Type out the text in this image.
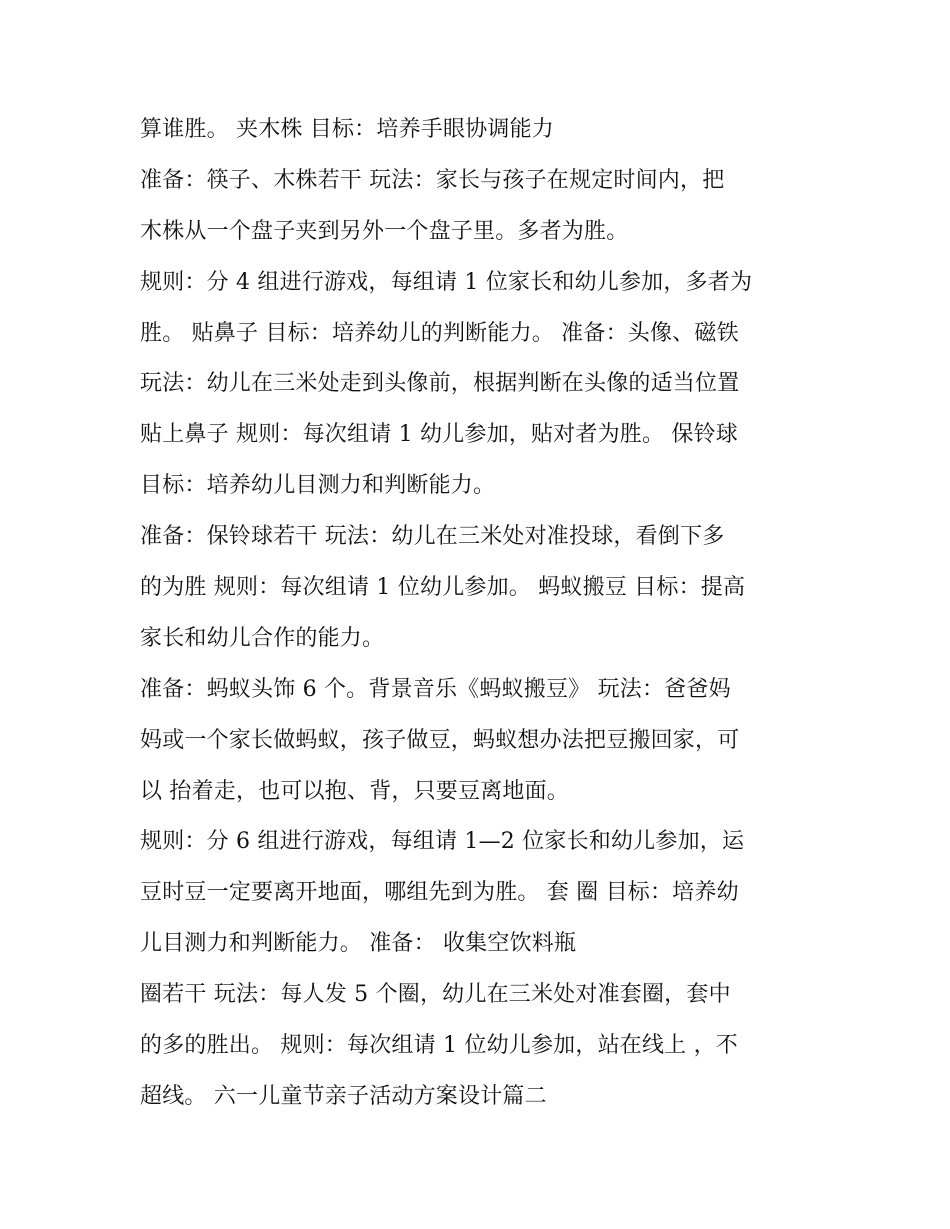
算谁胜。 夹木株 目标：培养手眼协调能力
准备：筷子、木株若干 玩法：家长与孩子在规定时间内，把
木株从一个盘子夹到另外一个盘子里。多者为胜。
规则：分 4 组进行游戏，每组请 1 位家长和幼儿参加，多者为
胜。 贴鼻子 目标：培养幼儿的判断能力。 准备：头像、磁铁
玩法：幼儿在三米处走到头像前，根据判断在头像的适当位置
贴上鼻子 规则：每次组请 1 幼儿参加，贴对者为胜。 保铃球
目标：培养幼儿目测力和判断能力。
准备：保铃球若干 玩法：幼儿在三米处对准投球，看倒下多
的为胜 规则：每次组请 1 位幼儿参加。 蚂蚁搬豆 目标：提高
家长和幼儿合作的能力。
准备：蚂蚁头饰 6 个。背景音乐《蚂蚁搬豆》 玩法：爸爸妈
妈或一个家长做蚂蚁，孩子做豆，蚂蚁想办法把豆搬回家，可
以 抬着走，也可以抱、背，只要豆离地面。
规则：分 6 组进行游戏，每组请 1—2 位家长和幼儿参加，运
豆时豆一定要离开地面，哪组先到为胜。 套 圈 目标：培养幼
儿目测力和判断能力。 准备： 收集空饮料瓶
圈若干 玩法：每人发 5 个圈，幼儿在三米处对准套圈，套中
的多的胜出。 规则：每次组请 1 位幼儿参加，站在线上 ，不
超线。 六一儿童节亲子活动方案设计篇二
